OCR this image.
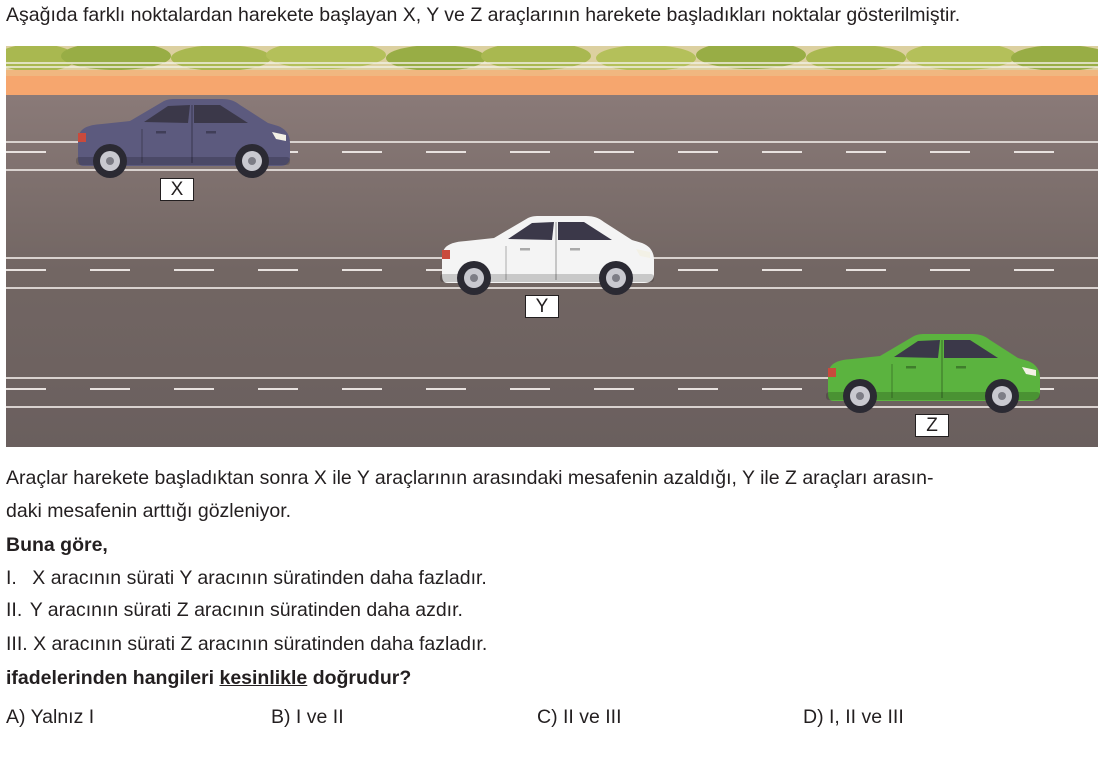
Aşağıda farklı noktalardan harekete başlayan X, Y ve Z araçlarının harekete başladıkları noktalar gösterilmiştir.
X
Y
Z
Araçlar harekete başladıktan sonra X ile Y araçlarının arasındaki mesafenin azaldığı, Y ile Z araçları arasın-
daki mesafenin arttığı gözleniyor.
Buna göre,
I. X aracının sürati Y aracının süratinden daha fazladır.
II. Y aracının sürati Z aracının süratinden daha azdır.
III. X aracının sürati Z aracının süratinden daha fazladır.
ifadelerinden hangileri kesinlikle doğrudur?
A) Yalnız I	B) I ve II	C) II ve III	D) I, II ve III
